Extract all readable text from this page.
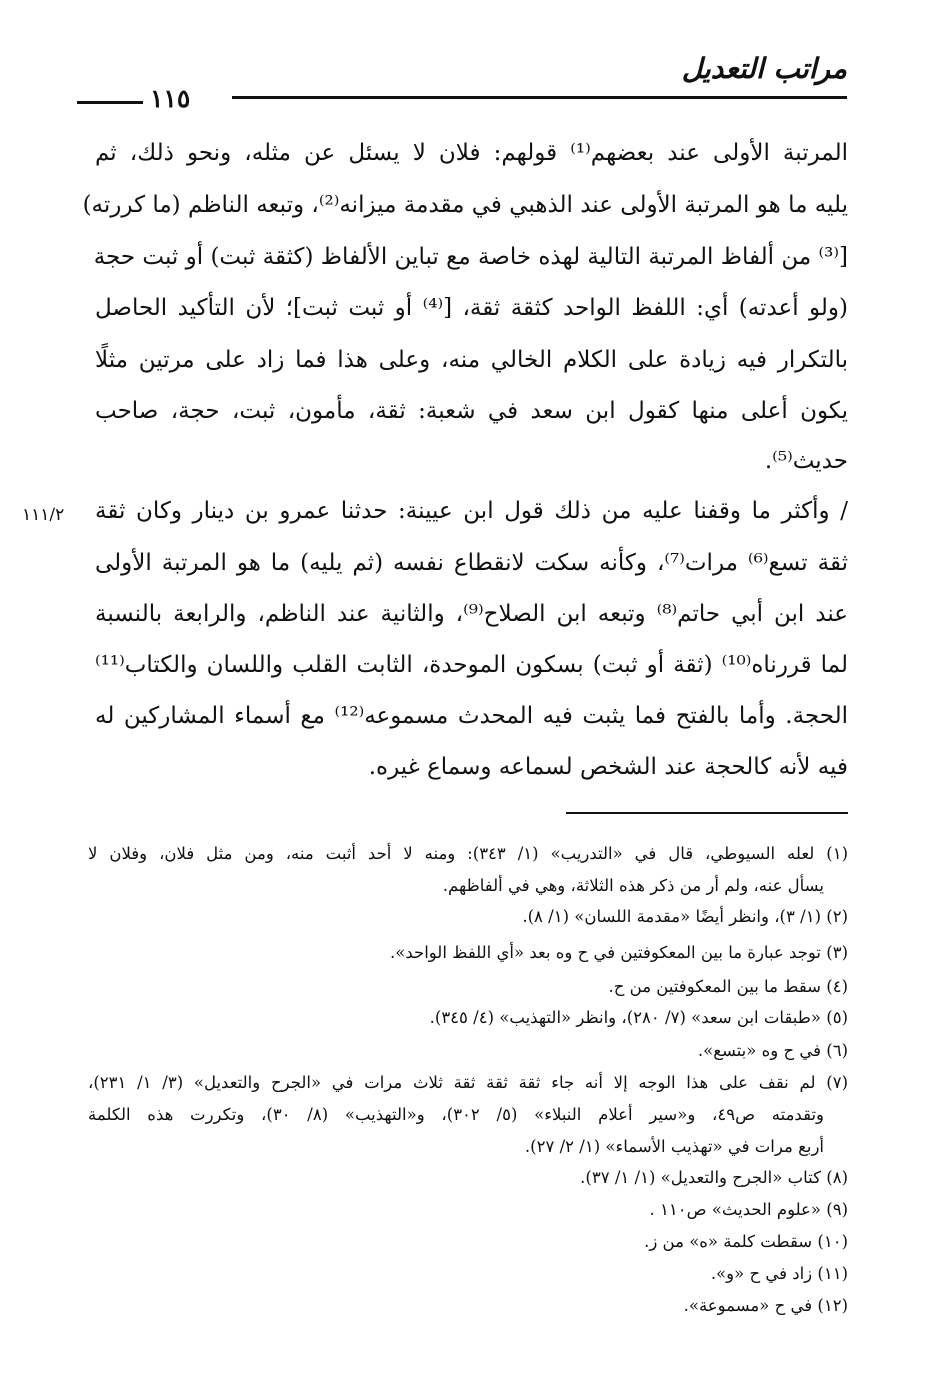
مراتب التعديل
١١٥
١١١/٢
المرتبة الأولى عند بعضهم⁽¹⁾ قولهم: فلان لا يسئل عن مثله، ونحو ذلك، ثم
يليه ما هو المرتبة الأولى عند الذهبي في مقدمة ميزانه⁽²⁾، وتبعه الناظم (ما كررته)
[⁽³⁾ من ألفاظ المرتبة التالية لهذه خاصة مع تباين الألفاظ (كثقة ثبت) أو ثبت حجة
(ولو أعدته) أي: اللفظ الواحد كثقة ثقة، [⁽⁴⁾ أو ثبت ثبت]؛ لأن التأكيد الحاصل
بالتكرار فيه زيادة على الكلام الخالي منه، وعلى هذا فما زاد على مرتين مثلًا
يكون أعلى منها كقول ابن سعد في شعبة: ثقة، مأمون، ثبت، حجة، صاحب
حديث⁽⁵⁾.
/ وأكثر ما وقفنا عليه من ذلك قول ابن عيينة: حدثنا عمرو بن دينار وكان ثقة
ثقة تسع⁽⁶⁾ مرات⁽⁷⁾، وكأنه سكت لانقطاع نفسه (ثم يليه) ما هو المرتبة الأولى
عند ابن أبي حاتم⁽⁸⁾ وتبعه ابن الصلاح⁽⁹⁾، والثانية عند الناظم، والرابعة بالنسبة
لما قررناه⁽¹⁰⁾ (ثقة أو ثبت) بسكون الموحدة، الثابت القلب واللسان والكتاب⁽¹¹⁾
الحجة. وأما بالفتح فما يثبت فيه المحدث مسموعه⁽¹²⁾ مع أسماء المشاركين له
فيه لأنه كالحجة عند الشخص لسماعه وسماع غيره.
(١) لعله السيوطي، قال في «التدريب» (١/ ٣٤٣): ومنه لا أحد أثبت منه، ومن مثل فلان، وفلان لا
يسأل عنه، ولم أر من ذكر هذه الثلاثة، وهي في ألفاظهم.
(٢) (١/ ٣)، وانظر أيضًا «مقدمة اللسان» (١/ ٨).
(٣) توجد عبارة ما بين المعكوفتين في ح وه بعد «أي اللفظ الواحد».
(٤) سقط ما بين المعكوفتين من ح.
(٥) «طبقات ابن سعد» (٧/ ٢٨٠)، وانظر «التهذيب» (٤/ ٣٤٥).
(٦) في ح وه «بتسع».
(٧) لم نقف على هذا الوجه إلا أنه جاء ثقة ثقة ثقة ثلاث مرات في «الجرح والتعديل» (٣/ ١/ ٢٣١)،
وتقدمته ص٤٩، و«سير أعلام النبلاء» (٥/ ٣٠٢)، و«التهذيب» (٨/ ٣٠)، وتكررت هذه الكلمة
أربع مرات في «تهذيب الأسماء» (١/ ٢/ ٢٧).
(٨) كتاب «الجرح والتعديل» (١/ ١/ ٣٧).
(٩) «علوم الحديث» ص١١٠ .
(١٠) سقطت كلمة «ه» من ز.
(١١) زاد في ح «و».
(١٢) في ح «مسموعة».
